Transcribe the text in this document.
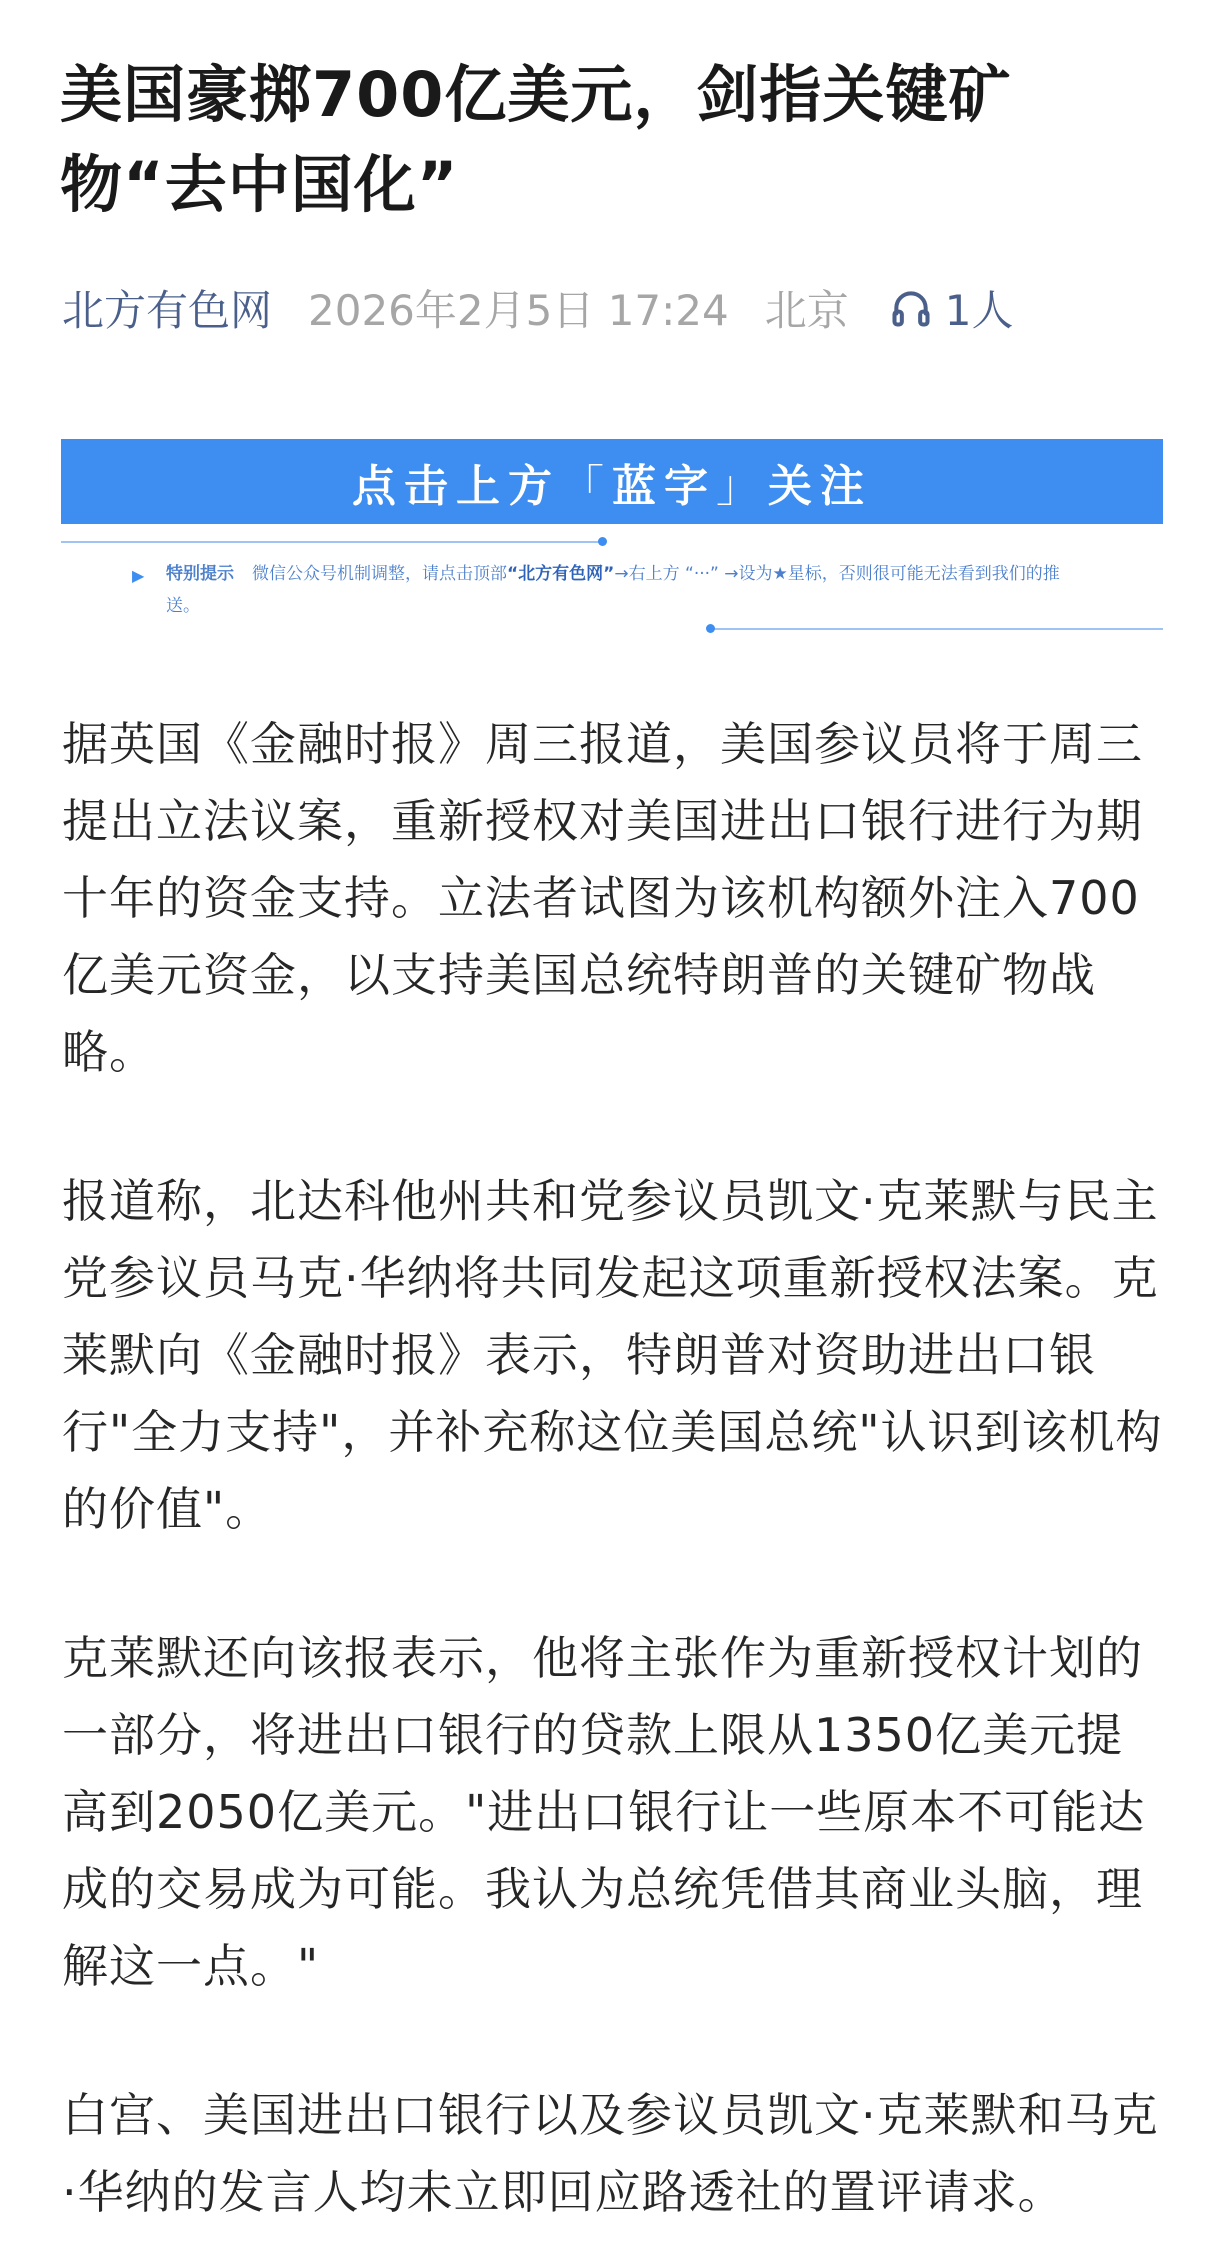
美国豪掷700亿美元，剑指关键矿物“去中国化”
北方有色网 2026年2月5日 17:24 北京 1人
点击上方 「 蓝字 」 关注
▶ 特别提示 微信公众号机制调整，请点击顶部“北方有色网”→右上方 “···” →设为★星标，否则很可能无法看到我们的推送。

据英国《金融时报》周三报道，美国参议员将于周三提出立法议案，重新授权对美国进出口银行进行为期十年的资金支持。立法者试图为该机构额外注入700亿美元资金，以支持美国总统特朗普的关键矿物战略。

报道称，北达科他州共和党参议员凯文·克莱默与民主党参议员马克·华纳将共同发起这项重新授权法案。克莱默向《金融时报》表示，特朗普对资助进出口银行"全力支持"，并补充称这位美国总统"认识到该机构的价值"。

克莱默还向该报表示，他将主张作为重新授权计划的一部分，将进出口银行的贷款上限从1350亿美元提高到2050亿美元。"进出口银行让一些原本不可能达成的交易成为可能。我认为总统凭借其商业头脑，理解这一点。"

白宫、美国进出口银行以及参议员凯文·克莱默和马克·华纳的发言人均未立即回应路透社的置评请求。
